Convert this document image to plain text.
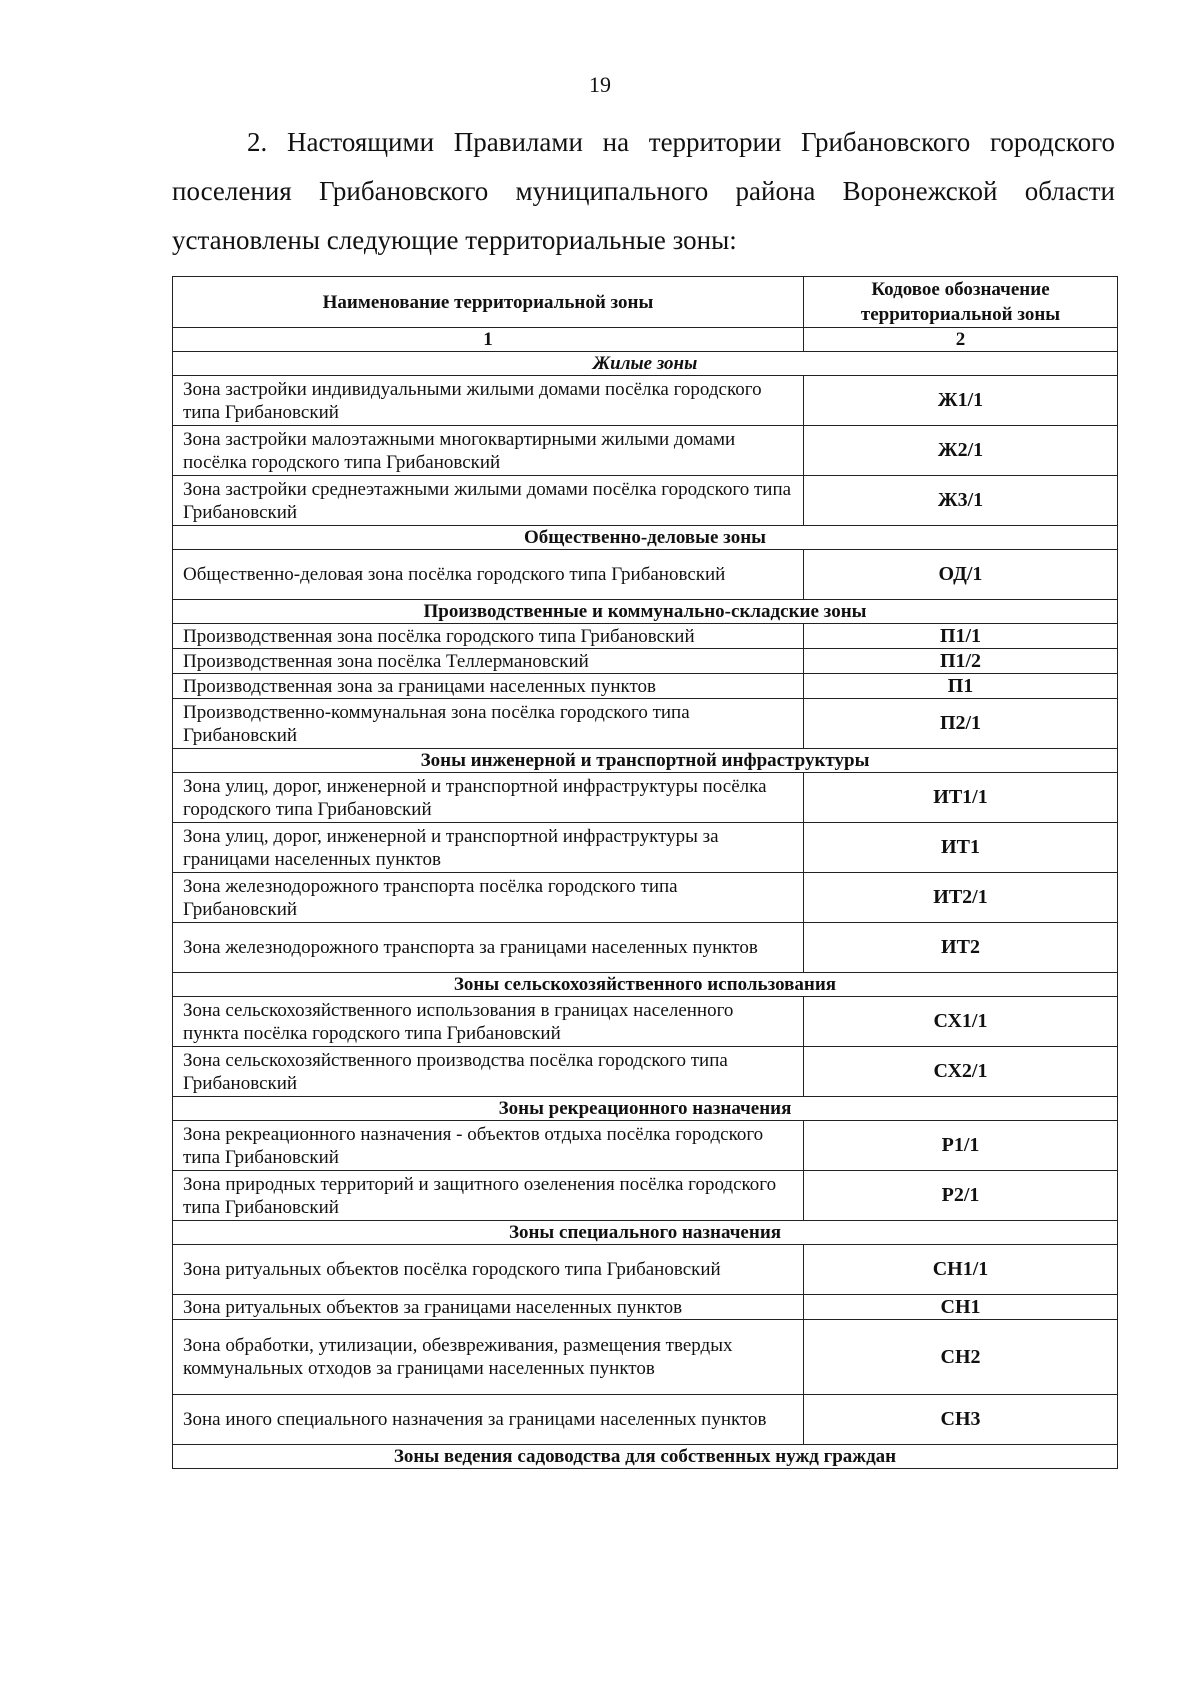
19

2. Настоящими Правилами на территории Грибановского городского поселения Грибановского муниципального района Воронежской области установлены следующие территориальные зоны:

Наименование территориальной зоны	Кодовое обозначение территориальной зоны
1	2
Жилые зоны	
Зона застройки индивидуальными жилыми домами посёлка городского типа Грибановский	Ж1/1
Зона застройки малоэтажными многоквартирными жилыми домами посёлка городского типа Грибановский	Ж2/1
Зона застройки среднеэтажными жилыми домами посёлка городского типа Грибановский	Ж3/1
Общественно-деловые зоны	
Общественно-деловая зона посёлка городского типа Грибановский	ОД/1
Производственные и коммунально-складские зоны	
Производственная зона посёлка городского типа Грибановский	П1/1
Производственная зона посёлка Теллермановский	П1/2
Производственная зона за границами населенных пунктов	П1
Производственно-коммунальная зона посёлка городского типа Грибановский	П2/1
Зоны инженерной и транспортной инфраструктуры	
Зона улиц, дорог, инженерной и транспортной инфраструктуры посёлка городского типа Грибановский	ИТ1/1
Зона улиц, дорог, инженерной и транспортной инфраструктуры за границами населенных пунктов	ИТ1
Зона железнодорожного транспорта посёлка городского типа Грибановский	ИТ2/1
Зона железнодорожного транспорта за границами населенных пунктов	ИТ2
Зоны сельскохозяйственного использования	
Зона сельскохозяйственного использования в границах населенного пункта посёлка городского типа Грибановский	СХ1/1
Зона сельскохозяйственного производства посёлка городского типа Грибановский	СХ2/1
Зоны рекреационного назначения	
Зона рекреационного назначения - объектов отдыха посёлка городского типа Грибановский	Р1/1
Зона природных территорий и защитного озеленения посёлка городского типа Грибановский	Р2/1
Зоны специального назначения	
Зона ритуальных объектов посёлка городского типа Грибановский	СН1/1
Зона ритуальных объектов за границами населенных пунктов	СН1
Зона обработки, утилизации, обезвреживания, размещения твердых коммунальных отходов за границами населенных пунктов	СН2
Зона иного специального назначения за границами населенных пунктов	СН3
Зоны ведения садоводства для собственных нужд граждан	
